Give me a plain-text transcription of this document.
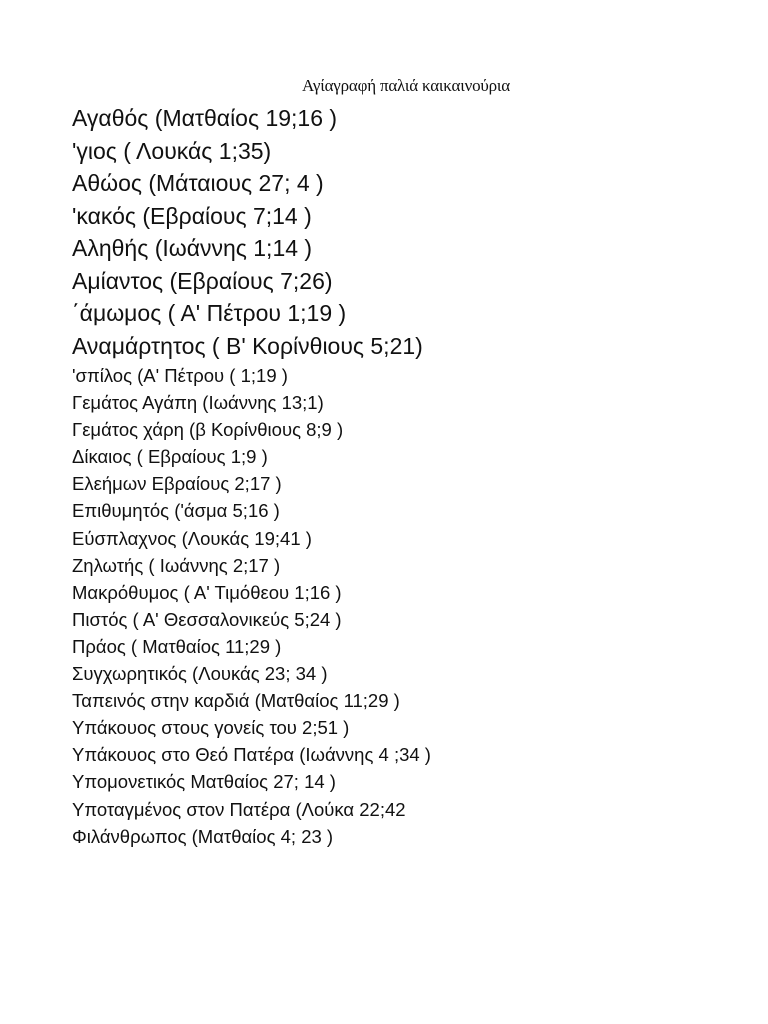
Αγίαγραφή παλιά καικαινούρια
Αγαθός (Ματθαίος 19;16 )
'γιος ( Λουκάς 1;35)
Αθώος (Μάταιους 27; 4 )
'κακός (Εβραίους 7;14 )
Αληθής (Ιωάννης 1;14 )
Αμίαντος (Εβραίους 7;26)
΄άμωμος ( Α' Πέτρου 1;19 )
Αναμάρτητος ( Β' Κορίνθιους 5;21)
'σπίλος (Α' Πέτρου ( 1;19 )
Γεμάτος Αγάπη (Ιωάννης 13;1)
Γεμάτος χάρη (β Κορίνθιους 8;9 )
Δίκαιος ( Εβραίους 1;9 )
Ελεήμων Εβραίους 2;17 )
Επιθυμητός ('άσμα 5;16 )
Εύσπλαχνος (Λουκάς 19;41 )
Ζηλωτής ( Ιωάννης 2;17 )
Μακρόθυμος ( Α' Τιμόθεου 1;16 )
Πιστός ( Α' Θεσσαλονικεύς 5;24 )
Πράος ( Ματθαίος 11;29 )
Συγχωρητικός (Λουκάς 23; 34 )
Ταπεινός στην καρδιά (Ματθαίος 11;29 )
Υπάκουος στους γονείς του 2;51 )
Υπάκουος στο Θεό Πατέρα (Ιωάννης 4 ;34 )
Υπομονετικός Ματθαίος 27; 14 )
Υποταγμένος στον Πατέρα (Λούκα 22;42
Φιλάνθρωπος (Ματθαίος 4; 23 )
